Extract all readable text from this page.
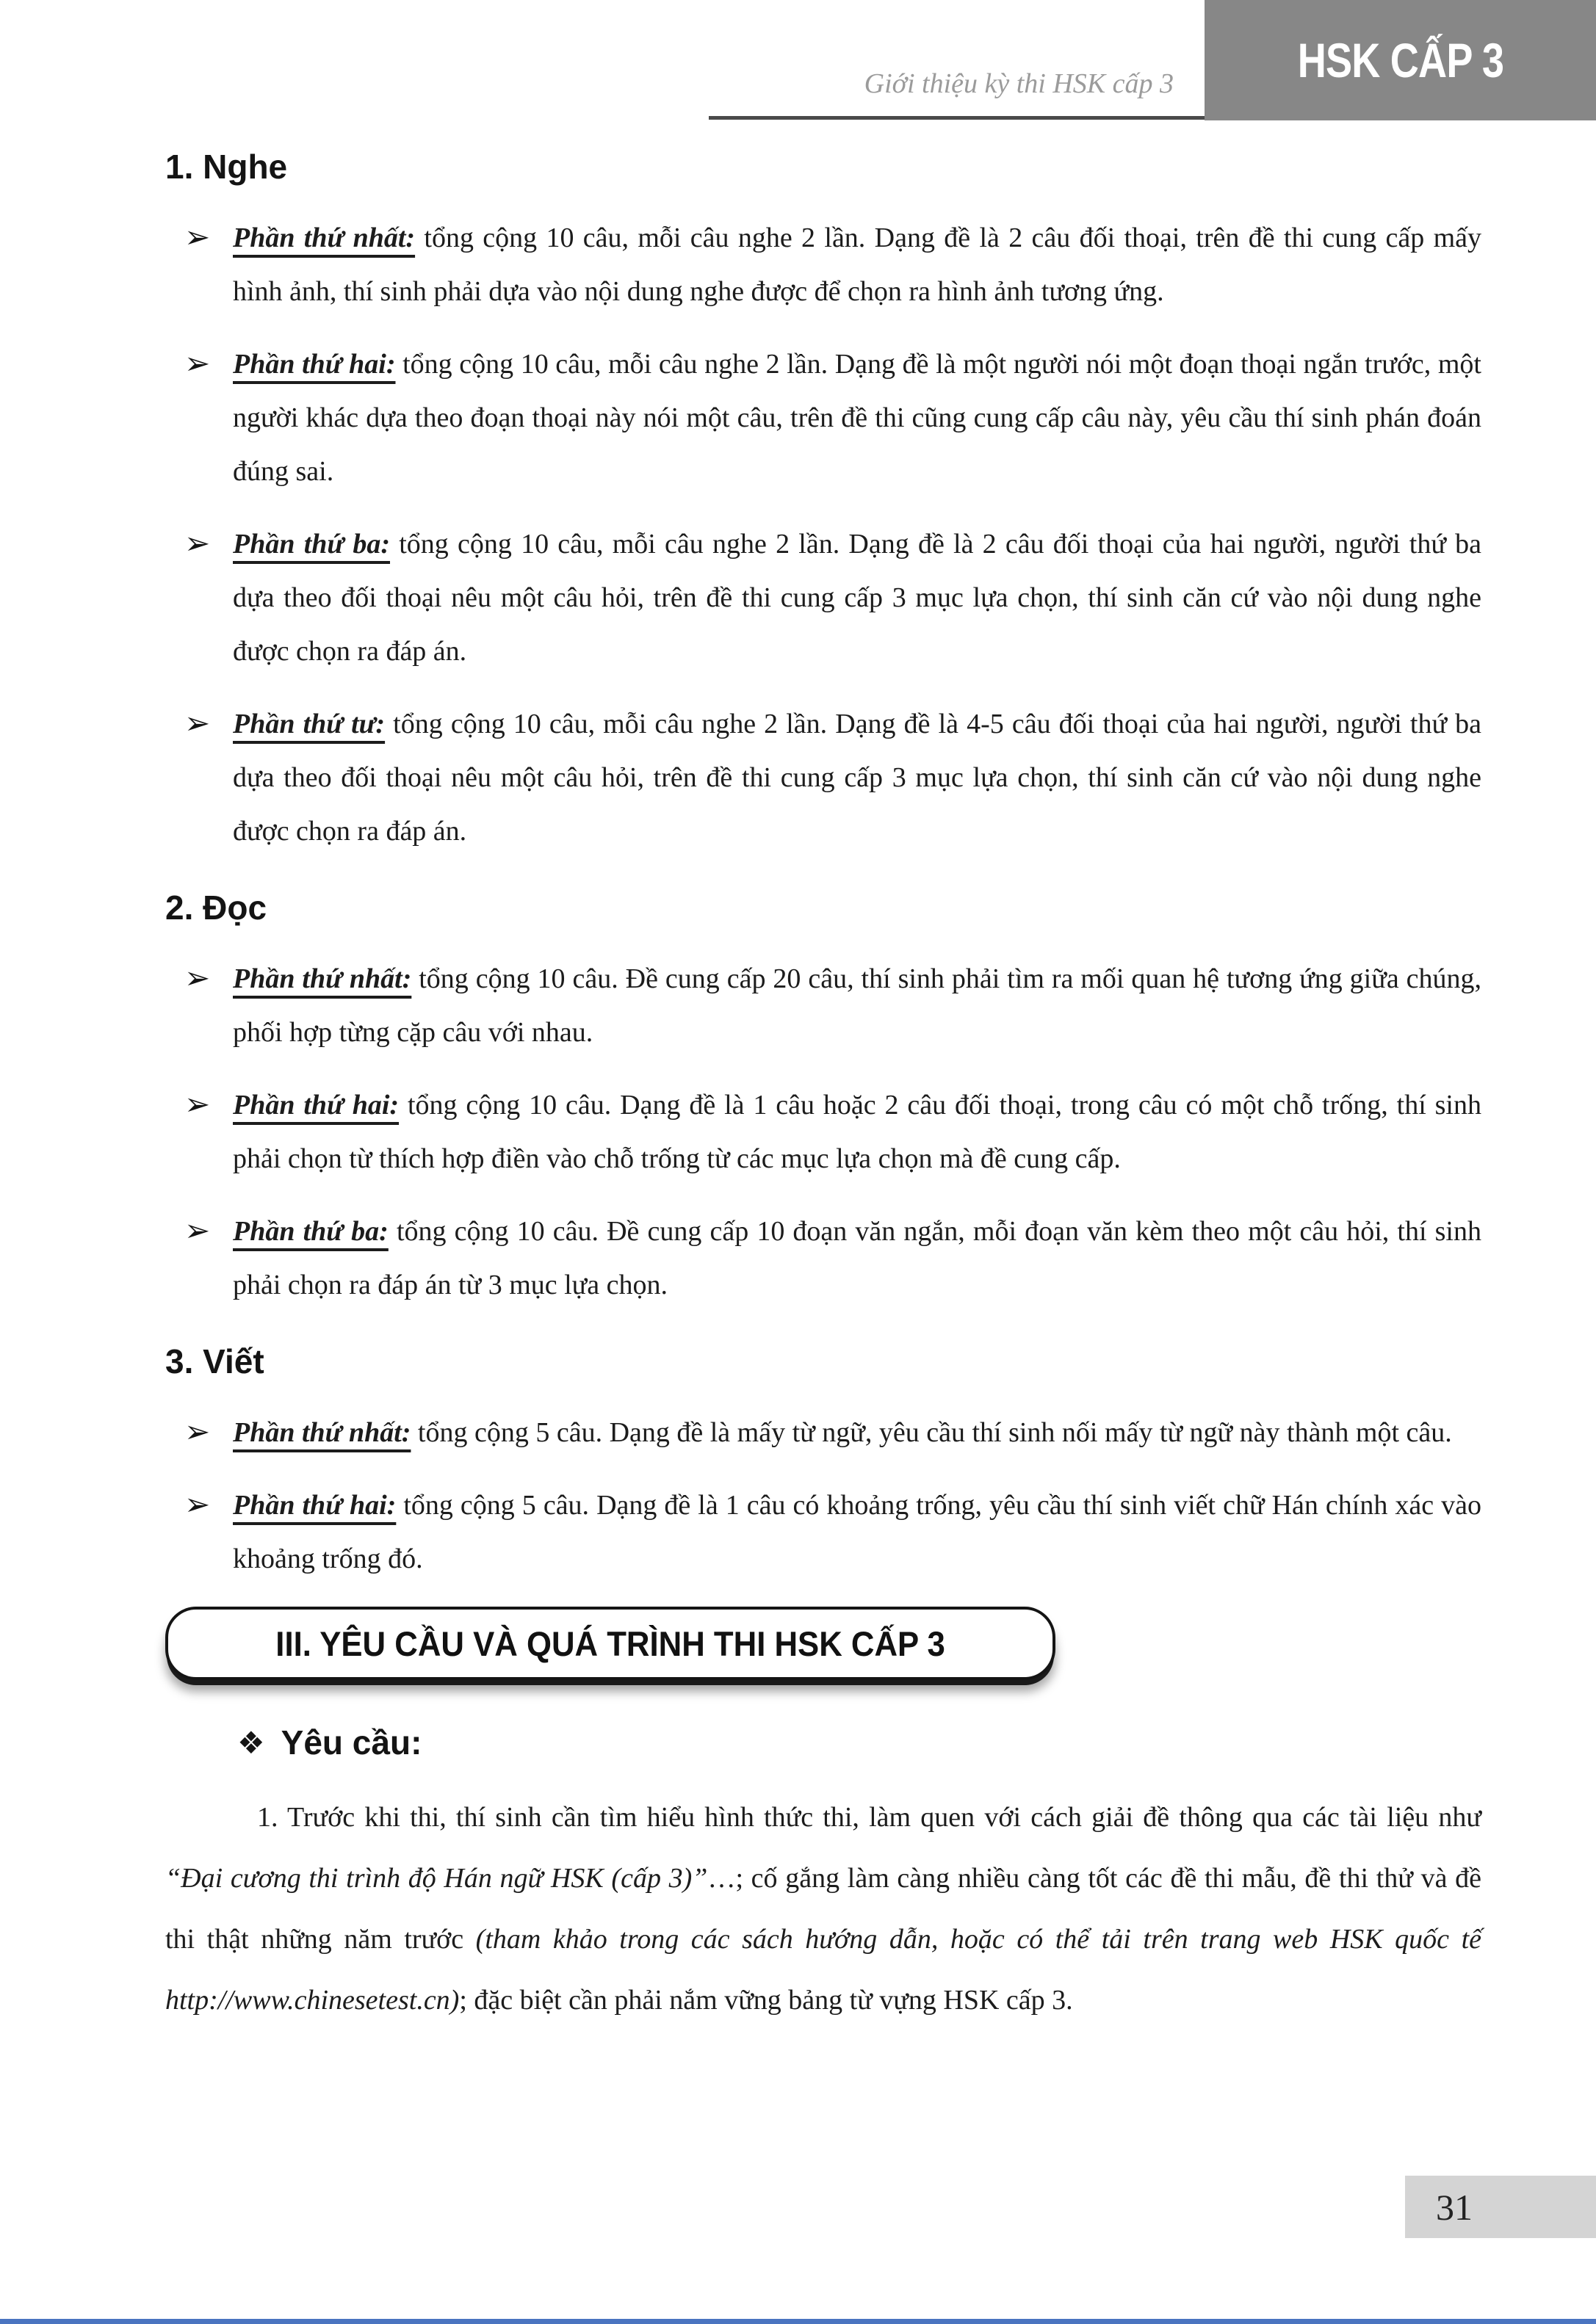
Giới thiệu kỳ thi HSK cấp 3	HSK CẤP 3
1. Nghe
➢ Phần thứ nhất: tổng cộng 10 câu, mỗi câu nghe 2 lần. Dạng đề là 2 câu đối thoại, trên đề thi cung cấp mấy hình ảnh, thí sinh phải dựa vào nội dung nghe được để chọn ra hình ảnh tương ứng.
➢ Phần thứ hai: tổng cộng 10 câu, mỗi câu nghe 2 lần. Dạng đề là một người nói một đoạn thoại ngắn trước, một người khác dựa theo đoạn thoại này nói một câu, trên đề thi cũng cung cấp câu này, yêu cầu thí sinh phán đoán đúng sai.
➢ Phần thứ ba: tổng cộng 10 câu, mỗi câu nghe 2 lần. Dạng đề là 2 câu đối thoại của hai người, người thứ ba dựa theo đối thoại nêu một câu hỏi, trên đề thi cung cấp 3 mục lựa chọn, thí sinh căn cứ vào nội dung nghe được chọn ra đáp án.
➢ Phần thứ tư: tổng cộng 10 câu, mỗi câu nghe 2 lần. Dạng đề là 4-5 câu đối thoại của hai người, người thứ ba dựa theo đối thoại nêu một câu hỏi, trên đề thi cung cấp 3 mục lựa chọn, thí sinh căn cứ vào nội dung nghe được chọn ra đáp án.
2. Đọc
➢ Phần thứ nhất: tổng cộng 10 câu. Đề cung cấp 20 câu, thí sinh phải tìm ra mối quan hệ tương ứng giữa chúng, phối hợp từng cặp câu với nhau.
➢ Phần thứ hai: tổng cộng 10 câu. Dạng đề là 1 câu hoặc 2 câu đối thoại, trong câu có một chỗ trống, thí sinh phải chọn từ thích hợp điền vào chỗ trống từ các mục lựa chọn mà đề cung cấp.
➢ Phần thứ ba: tổng cộng 10 câu. Đề cung cấp 10 đoạn văn ngắn, mỗi đoạn văn kèm theo một câu hỏi, thí sinh phải chọn ra đáp án từ 3 mục lựa chọn.
3. Viết
➢ Phần thứ nhất: tổng cộng 5 câu. Dạng đề là mấy từ ngữ, yêu cầu thí sinh nối mấy từ ngữ này thành một câu.
➢ Phần thứ hai: tổng cộng 5 câu. Dạng đề là 1 câu có khoảng trống, yêu cầu thí sinh viết chữ Hán chính xác vào khoảng trống đó.
III. YÊU CẦU VÀ QUÁ TRÌNH THI HSK CẤP 3
❖ Yêu cầu:

1. Trước khi thi, thí sinh cần tìm hiểu hình thức thi, làm quen với cách giải đề thông qua các tài liệu như “Đại cương thi trình độ Hán ngữ HSK (cấp 3)”…; cố gắng làm càng nhiều càng tốt các đề thi mẫu, đề thi thử và đề thi thật những năm trước (tham khảo trong các sách hướng dẫn, hoặc có thể tải trên trang web HSK quốc tế http://www.chinesetest.cn); đặc biệt cần phải nắm vững bảng từ vựng HSK cấp 3.

31
